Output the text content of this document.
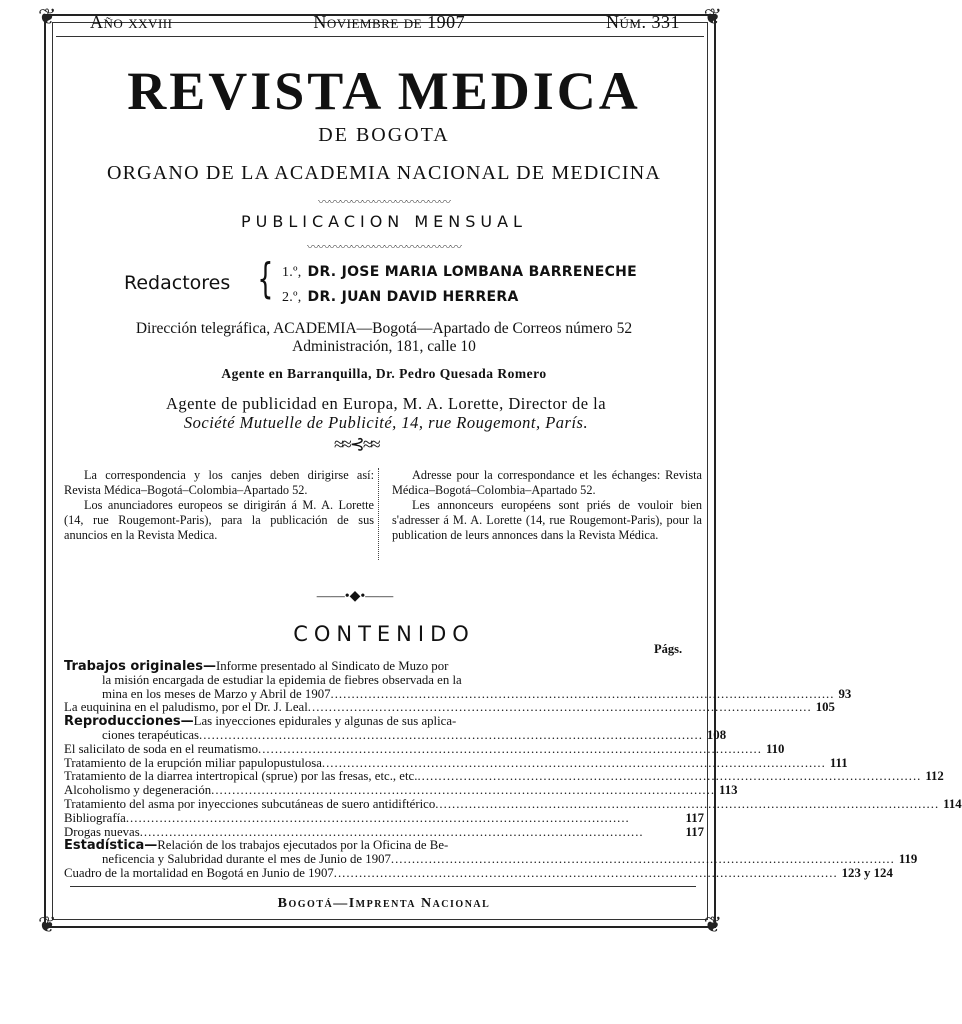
❦	❦
❦	❦
Año xxviii	Noviembre de 1907	Núm. 331
REVISTA MEDICA
DE BOGOTA
ORGANO DE LA ACADEMIA NACIONAL DE MEDICINA
〰〰〰〰〰〰〰〰〰〰〰〰
PUBLICACION MENSUAL
〰〰〰〰〰〰〰〰〰〰〰〰〰〰
Redactores { 1.º, DR. JOSE MARIA LOMBANA BARRENECHE
2.º, DR. JUAN DAVID HERRERA
Dirección telegráfica, ACADEMIA—Bogotá—Apartado de Correos número 52
Administración, 181, calle 10
Agente en Barranquilla, Dr. Pedro Quesada Romero
Agente de publicidad en Europa, M. A. Lorette, Director de la
Société Mutuelle de Publicité, 14, rue Rougemont, París.
≈≈⊰≈≈

La correspondencia y los canjes deben dirigirse así: Revista Médica–Bogotá–Colombia–Apartado 52.

Los anunciadores europeos se dirigirán á M. A. Lorette (14, rue Rougemont-Paris), para la publicación de sus anuncios en la Revista Medica.

Adresse pour la correspondance et les échanges: Revista Médica–Bogotá–Colombia–Apartado 52.

Les annonceurs européens sont priés de vouloir bien s'adresser á M. A. Lorette (14, rue Rougemont-Paris), pour la publication de leurs annonces dans la Revista Médica.

——•◆•——
CONTENIDO
Págs.
Trabajos originales—Informe presentado al Sindicato de Muzo por
la misión encargada de estudiar la epidemia de fiebres observada en la
mina en los meses de Marzo y Abril de 1907 ........................................................................................................................ 93
La euquinina en el paludismo, por el Dr. J. Leal ........................................................................................................................ 105
Reproducciones—Las inyecciones epidurales y algunas de sus aplica-
ciones terapéuticas ........................................................................................................................ 108
El salicilato de soda en el reumatismo ........................................................................................................................ 110
Tratamiento de la erupción miliar papulopustulosa ........................................................................................................................ 111
Tratamiento de la diarrea intertropical (sprue) por las fresas, etc., etc. ........................................................................................................................ 112
Alcoholismo y degeneración ........................................................................................................................ 113
Tratamiento del asma por inyecciones subcutáneas de suero antidiftérico ........................................................................................................................ 114
Bibliografía ........................................................................................................................	117
Drogas nuevas ........................................................................................................................	117
Estadística—Relación de los trabajos ejecutados por la Oficina de Be-
neficencia y Salubridad durante el mes de Junio de 1907 ........................................................................................................................ 119
Cuadro de la mortalidad en Bogotá en Junio de 1907 ........................................................................................................................ 123 y 124
Bogotá—Imprenta Nacional
